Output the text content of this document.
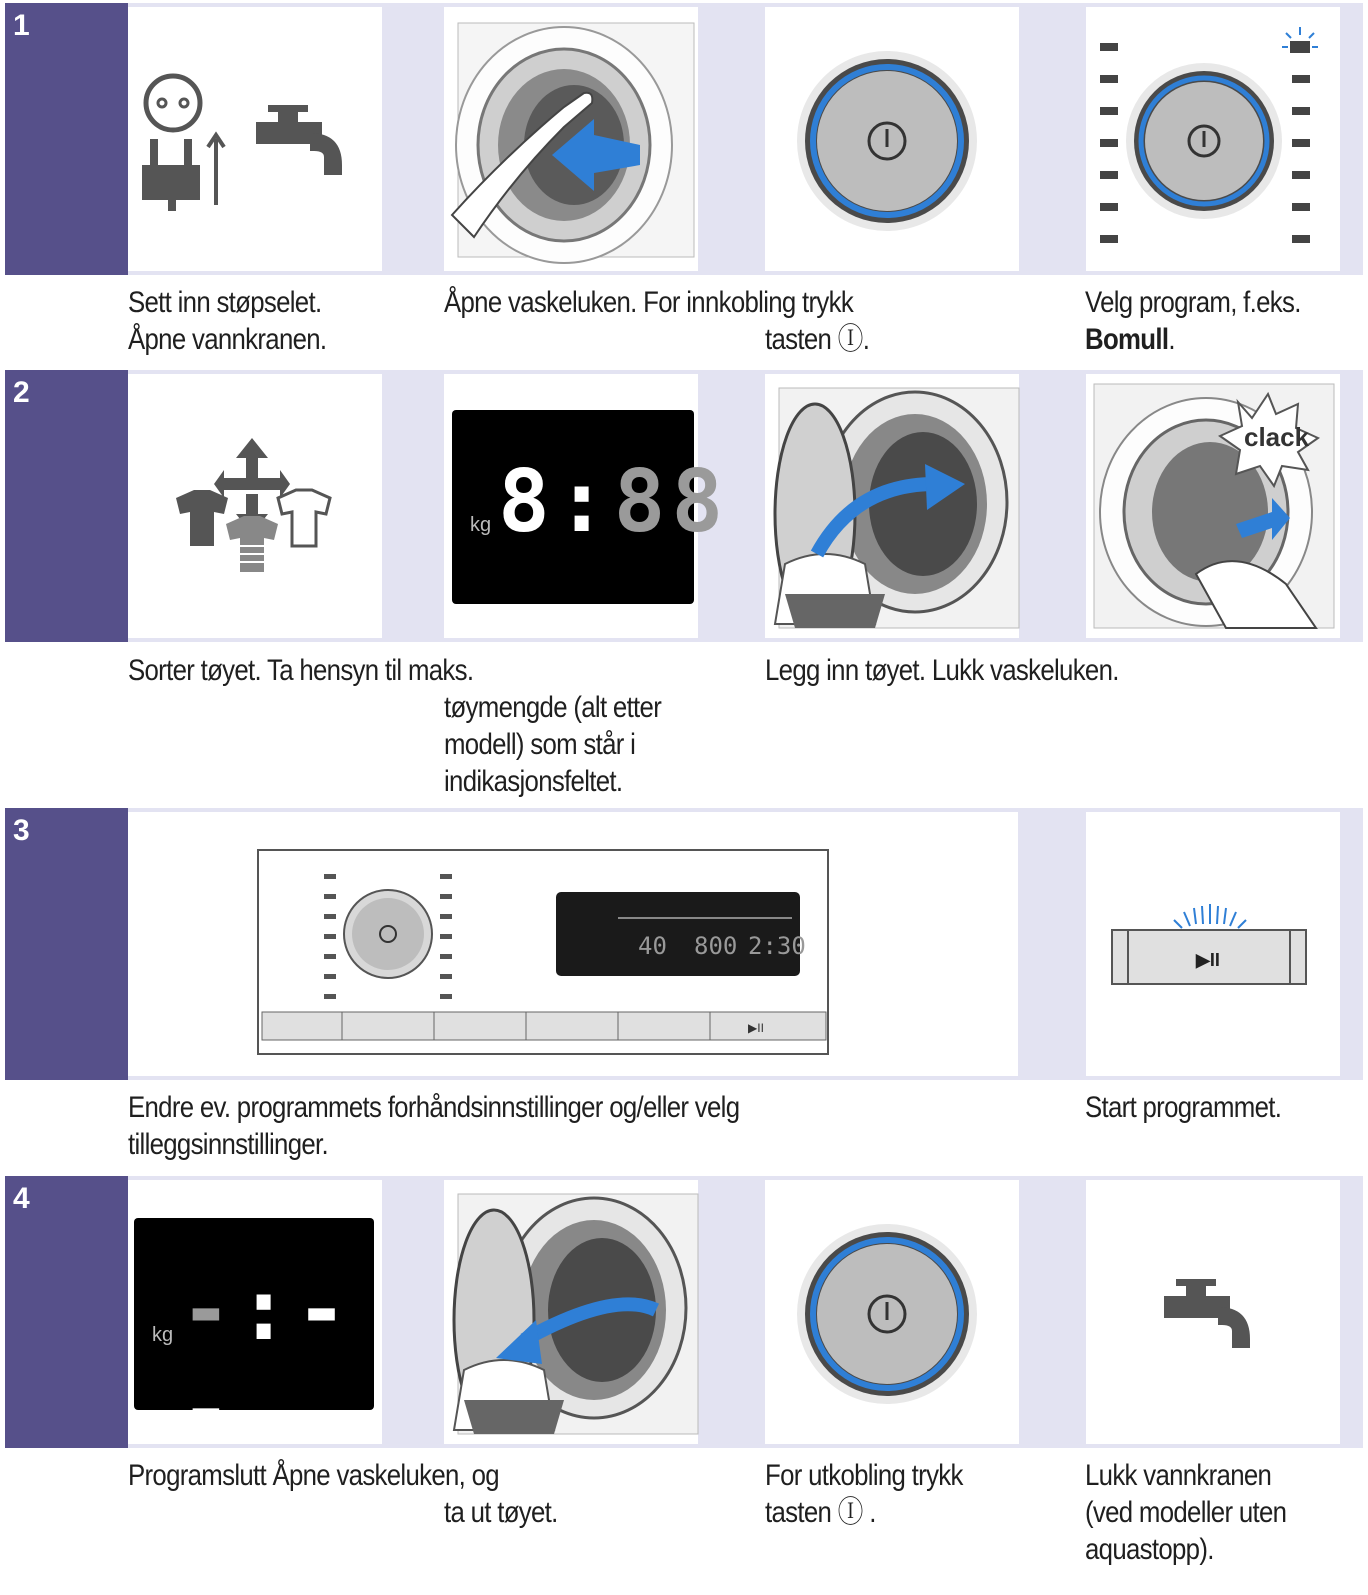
1
Sett inn støpselet.
Åpne vannkranen.
Åpne vaskeluken. For innkobling trykk
tasten Ⓘ.
Velg program, f.eks.
Bomull.
2
kg 8:88
clack
Sorter tøyet. Ta hensyn til maks.
tøymengde (alt etter
modell) som står i
indikasjonsfeltet.
Legg inn tøyet. Lukk vaskeluken.
3
40 800 2:30
▶II
▶II
Endre ev. programmets forhåndsinnstillinger og/eller velg
tilleggsinnstillinger.
Start programmet.
4
kg -:--
Programslutt Åpne vaskeluken, og
ta ut tøyet.
For utkobling trykk
tasten Ⓘ .
Lukk vannkranen
(ved modeller uten
aquastopp).
